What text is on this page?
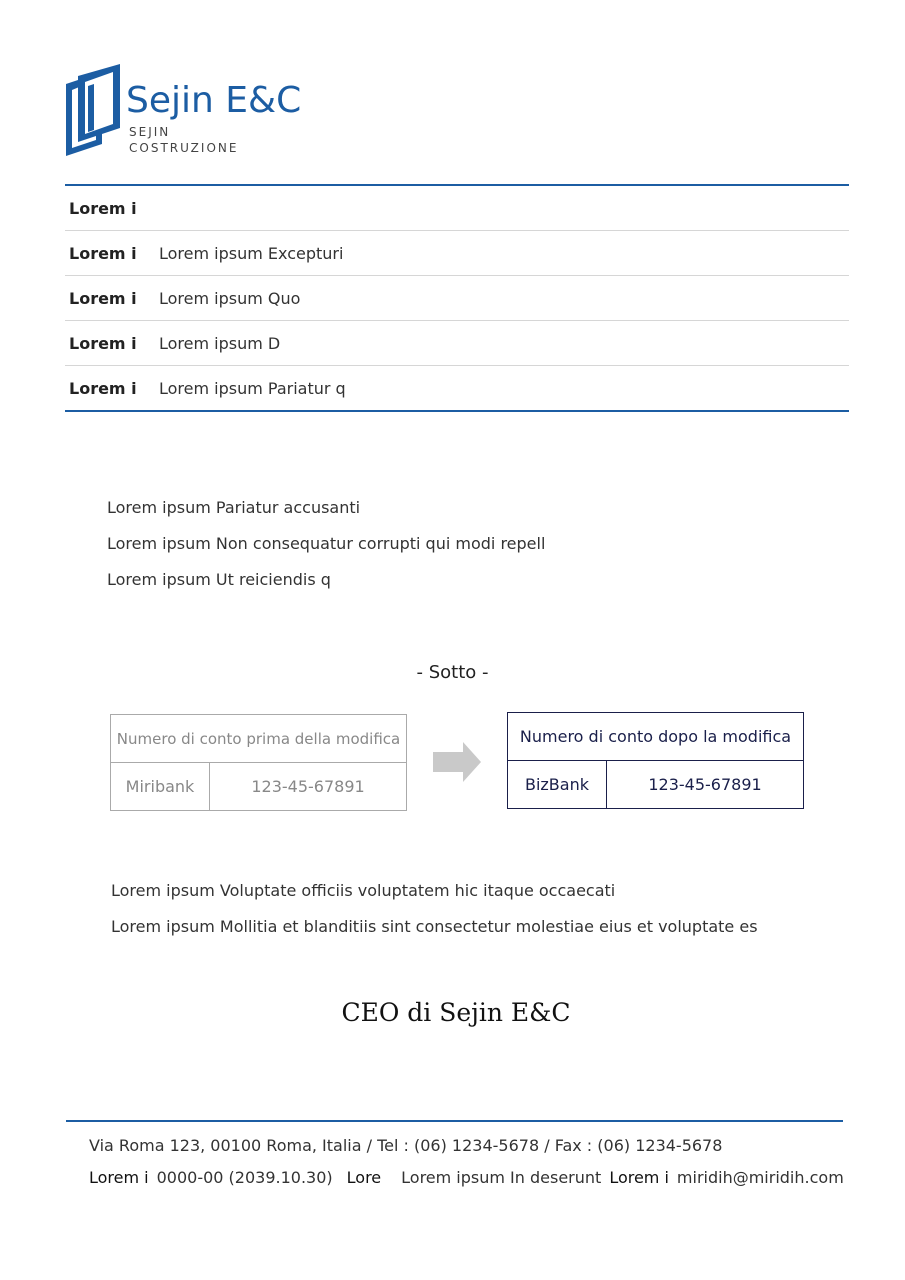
Sejin E&C
SEJIN
COSTRUZIONE
Lorem i
Lorem i	Lorem ipsum Excepturi
Lorem i	Lorem ipsum Quo
Lorem i	Lorem ipsum D
Lorem i	Lorem ipsum Pariatur q
Lorem ipsum Pariatur accusanti
Lorem ipsum Non consequatur corrupti qui modi repell
Lorem ipsum Ut reiciendis q
- Sotto -
Numero di conto prima della modifica
Miribank	123-45-67891
Numero di conto dopo la modifica
BizBank	123-45-67891
Lorem ipsum Voluptate officiis voluptatem hic itaque occaecati
Lorem ipsum Mollitia et blanditiis sint consectetur molestiae eius et voluptate es
CEO di Sejin E&C
Via Roma 123, 00100 Roma, Italia / Tel : (06) 1234-5678 / Fax : (06) 1234-5678
Lorem i 0000-00 (2039.10.30) Lore Lorem ipsum In deserunt Lorem i miridih@miridih.com
